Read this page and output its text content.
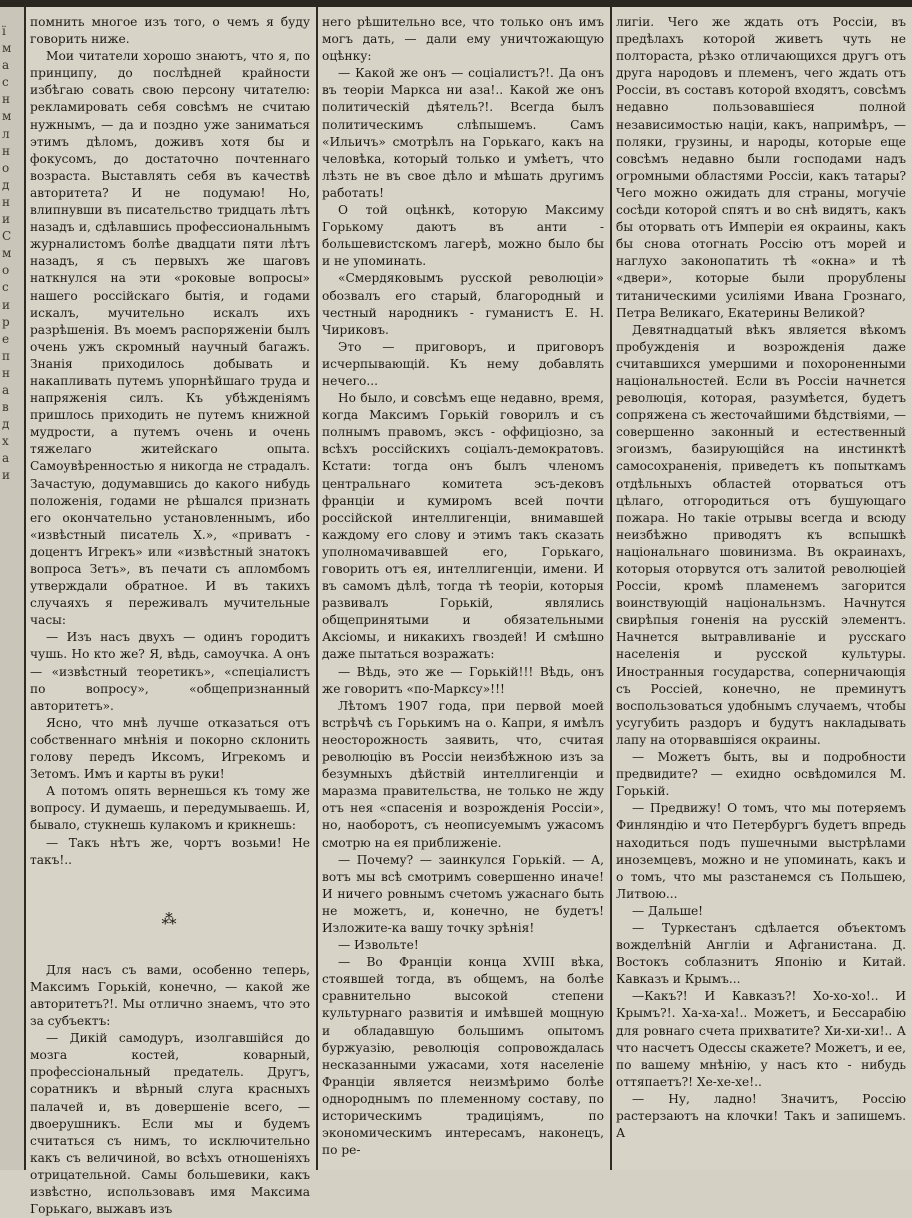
ї
м
а
с
н
м
л
н
о
д
н
и
С
м
о
с
и
р
е
п
н
а
в
д
х
а
и

помнить многое изъ того, о чемъ я буду говорить ниже.

Мои читатели хорошо знаютъ, что я, по принципу, до послѣдней крайности избѣгаю совать свою персону читателю: рекламировать себя совсѣмъ не считаю нужнымъ, — да и поздно уже заниматься этимъ дѣломъ, доживъ хотя бы и фокусомъ, до достаточно почтеннаго возраста. Выставлять себя въ качествѣ авторитета? И не подумаю! Но, влипнувши въ писательство тридцать лѣтъ назадъ и, сдѣлавшись профессиональнымъ журналистомъ болѣе двадцати пяти лѣтъ назадъ, я съ первыхъ же шаговъ наткнулся на эти «роковые вопросы» нашего россійскаго бытія, и годами искалъ, мучительно искалъ ихъ разрѣшенія. Въ моемъ распоряженіи былъ очень ужъ скромный научный багажъ. Знанія приходилось добывать и накапливать путемъ упорнѣйшаго труда и напряженія силъ. Къ убѣжденіямъ пришлось приходить не путемъ книжной мудрости, а путемъ очень и очень тяжелаго житейскаго опыта. Самоувѣренностью я никогда не страдалъ. Зачастую, додумавшись до какого нибудь положенія, годами не рѣшался признать его окончательно установленнымъ, ибо «извѣстный писатель Х.», «приватъ - доцентъ Игрекъ» или «извѣстный знатокъ вопроса Зетъ», въ печати съ апломбомъ утверждали обратное. И въ такихъ случаяхъ я переживалъ мучительные часы:

— Изъ насъ двухъ — одинъ городитъ чушь. Но кто же? Я, вѣдь, самоучка. А онъ — «извѣстный теоретикъ», «спеціалистъ по вопросу», «общепризнанный авторитетъ».

Ясно, что мнѣ лучше отказаться отъ собственнаго мнѣнія и покорно склонить голову передъ Иксомъ, Игрекомъ и Зетомъ. Имъ и карты въ руки!

А потомъ опять вернешься къ тому же вопросу. И думаешь, и передумываешь. И, бывало, стукнешь кулакомъ и крикнешь:

— Такъ нѣтъ же, чортъ возьми! Не такъ!..

⁂

Для насъ съ вами, особенно теперь, Максимъ Горькій, конечно, — какой же авторитетъ?!. Мы отлично знаемъ, что это за субъектъ:

— Дикій самодуръ, изолгавшійся до мозга костей, коварный, профессіональный предатель. Другъ, соратникъ и вѣрный слуга красныхъ палачей и, въ довершеніе всего, — двоерушникъ. Если мы и будемъ считаться съ нимъ, то исключительно какъ съ величиной, во всѣхъ отношеніяхъ отрицательной. Самы большевики, какъ извѣстно, использовавъ имя Максима Горькаго, выжавъ изъ

него рѣшительно все, что только онъ имъ могъ дать, — дали ему уничтожающую оцѣнку:

— Какой же онъ — соціалистъ?!. Да онъ въ теоріи Маркса ни аза!.. Какой же онъ политическій дѣятель?!. Всегда былъ политическимъ слѣпышемъ. Самъ «Ильичъ» смотрѣлъ на Горькаго, какъ на человѣка, который только и умѣетъ, что лѣзть не въ свое дѣло и мѣшать другимъ работать!

О той оцѣнкѣ, которую Максиму Горькому даютъ въ анти - большевистскомъ лагерѣ, можно было бы и не упоминать.

«Смердяковымъ русской революціи» обозвалъ его старый, благородный и честный народникъ - гуманистъ Е. Н. Чириковъ.

Это — приговоръ, и приговоръ исчерпывающій. Къ нему добавлять нечего...

Но было, и совсѣмъ еще недавно, время, когда Максимъ Горькій говорилъ и съ полнымъ правомъ, эксъ - оффиціозно, за всѣхъ россійскихъ соціалъ-демократовъ. Кстати: тогда онъ былъ членомъ центральнаго комитета эсъ-дековъ франціи и кумиромъ всей почти россійской интеллигенціи, внимавшей каждому его слову и этимъ такъ сказать уполномачивавшей его, Горькаго, говорить отъ ея, интеллигенціи, имени. И въ самомъ дѣлѣ, тогда тѣ теоріи, которыя развивалъ Горькій, являлись общепринятыми и обязательными Аксіомы, и никакихъ гвоздей! И смѣшно даже пытаться возражать:

— Вѣдь, это же — Горькій!!! Вѣдь, онъ же говоритъ «по-Марксу»!!!

Лѣтомъ 1907 года, при первой моей встрѣчѣ съ Горькимъ на о. Капри, я имѣлъ неосторожность заявить, что, считая революцію въ Россіи неизбѣжною изъ за безумныхъ дѣйствій интеллигенціи и маразма правительства, не только не жду отъ нея «спасенія и возрожденія Россіи», но, наоборотъ, съ неописуемымъ ужасомъ смотрю на ея приближеніе.

— Почему? — заинкулся Горькій. — А, вотъ мы всѣ смотримъ совершенно иначе! И ничего ровнымъ счетомъ ужаснаго быть не можетъ, и, конечно, не будетъ! Изложите-ка вашу точку зрѣнія!

— Извольте!

— Во Франціи конца XVIII вѣка, стоявшей тогда, въ общемъ, на болѣе сравнительно высокой степени культурнаго развитія и имѣвшей мощную и обладавшую большимъ опытомъ буржуазію, революція сопровождалась несказанными ужасами, хотя населеніе Франціи является неизмѣримо болѣе однороднымъ по племенному составу, по историческимъ традиціямъ, по экономическимъ интересамъ, наконецъ, по ре-

лигіи. Чего же ждать отъ Россіи, въ предѣлахъ которой живетъ чуть не полтораста, рѣзко отличающихся другъ отъ друга народовъ и племенъ, чего ждать отъ Россіи, въ составъ которой входятъ, совсѣмъ недавно пользовавшіеся полной независимостью націи, какъ, напримѣръ, — поляки, грузины, и народы, которые еще совсѣмъ недавно были господами надъ огромными областями Россіи, какъ татары? Чего можно ожидать для страны, могучіе сосѣди которой спятъ и во снѣ видятъ, какъ бы оторвать отъ Имперіи ея окраины, какъ бы снова отогнать Россію отъ морей и наглухо законопатить тѣ «окна» и тѣ «двери», которые были прорублены титаническими усиліями Ивана Грознаго, Петра Великаго, Екатерины Великой?

Девятнадцатый вѣкъ является вѣкомъ пробужденія и возрожденія даже считавшихся умершими и похороненными національностей. Если въ Россіи начнется революція, которая, разумѣется, будетъ сопряжена съ жесточайшими бѣдствіями, — совершенно законный и естественный эгоизмъ, базирующійся на инстинктѣ самосохраненія, приведетъ къ попыткамъ отдѣльныхъ областей оторваться отъ цѣлаго, отгородиться отъ бушующаго пожара. Но такіе отрывы всегда и всюду неизбѣжно приводятъ къ вспышкѣ національнаго шовинизма. Въ окраинахъ, которыя оторвутся отъ залитой революціей Россіи, кромѣ пламенемъ загорится воинствующій національнзмъ. Начнутся свирѣпыя гоненія на русскій элементъ. Начнется вытравливаніе и русскаго населенія и русской культуры. Иностранныя государства, соперничающія съ Россіей, конечно, не преминутъ воспользоваться удобнымъ случаемъ, чтобы усугубить раздоръ и будутъ накладывать лапу на оторвавшіяся окраины.

— Можетъ быть, вы и подробности предвидите? — ехидно освѣдомился М. Горькій.

— Предвижу! О томъ, что мы потеряемъ Финляндію и что Петербургъ будетъ впредь находиться подъ пушечными выстрѣлами иноземцевъ, можно и не упоминать, какъ и о томъ, что мы разстанемся съ Польшею, Литвою...

— Дальше!

— Туркестанъ сдѣлается объектомъ вожделѣній Англіи и Афганистана. Д. Востокъ соблазнитъ Японію и Китай. Кавказъ и Крымъ...

—Какъ?! И Кавказъ?! Хо-хо-хо!.. И Крымъ?!. Ха-ха-ха!.. Можетъ, и Бессарабію для ровнаго счета прихватите? Хи-хи-хи!.. А что насчетъ Одессы скажете? Можетъ, и ее, по вашему мнѣнію, у насъ кто - нибудь оттяпаетъ?! Хе-хе-хе!..

— Ну, ладно! Значитъ, Россію растерзаютъ на клочки! Такъ и запишемъ. А
